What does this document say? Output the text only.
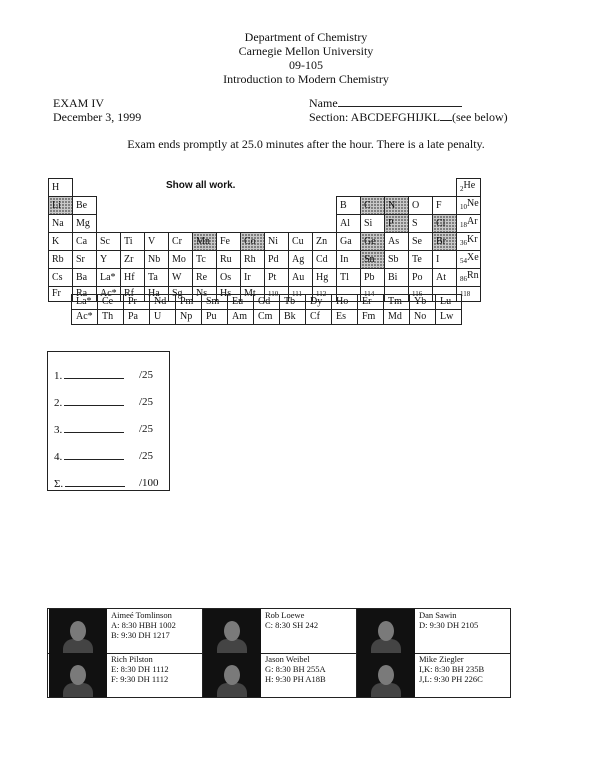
Department of Chemistry
Carnegie Mellon University
09-105
Introduction to Modern Chemistry
EXAM IV
December 3, 1999
Name
Section: ABCDEFGHIJKL (see below)
Exam ends promptly at 25.0 minutes after the hour. There is a late penalty.
H																	$_2$He
Li	Be											B	C	N	O	F	$_{10}$Ne
Na	Mg											Al	Si	P	S	Cl	$_{18}$Ar
K	Ca	Sc	Ti	V	Cr	Mn	Fe	Co	Ni	Cu	Zn	Ga	Ge	As	Se	Br	$_{36}$Kr
Rb	Sr	Y	Zr	Nb	Mo	Tc	Ru	Rh	Pd	Ag	Cd	In	Sn	Sb	Te	I	$_{54}$Xe
Cs	Ba	La*	Hf	Ta	W	Re	Os	Ir	Pt	Au	Hg	Tl	Pb	Bi	Po	At	$_{86}$Rn
Fr	Ra	Ac*	Rf	Ha	Sg	Ns	Hs	Mt	110	111	112		114		116		118
Show all work.
La*	Ce	Pr	Nd	Pm	Sm	Eu	Gd	Tb	Dy	Ho	Er	Tm	Yb	Lu
Ac*	Th	Pa	U	Np	Pu	Am	Cm	Bk	Cf	Es	Fm	Md	No	Lw
1.	/25
2.	/25
3.	/25
4.	/25
Σ.	/100
Aimeé Tomlinson
A: 8:30 HBH 1002
B: 9:30 DH 1217
Rob Loewe
C: 8:30 SH 242
Dan Sawin
D: 9:30 DH 2105
Rich Pilston
E: 8:30 DH 1112
F: 9:30 DH 1112
Jason Weibel
G: 8:30 BH 255A
H: 9:30 PH A18B
Mike Ziegler
I,K: 8:30 BH 235B
J,L: 9:30 PH 226C
